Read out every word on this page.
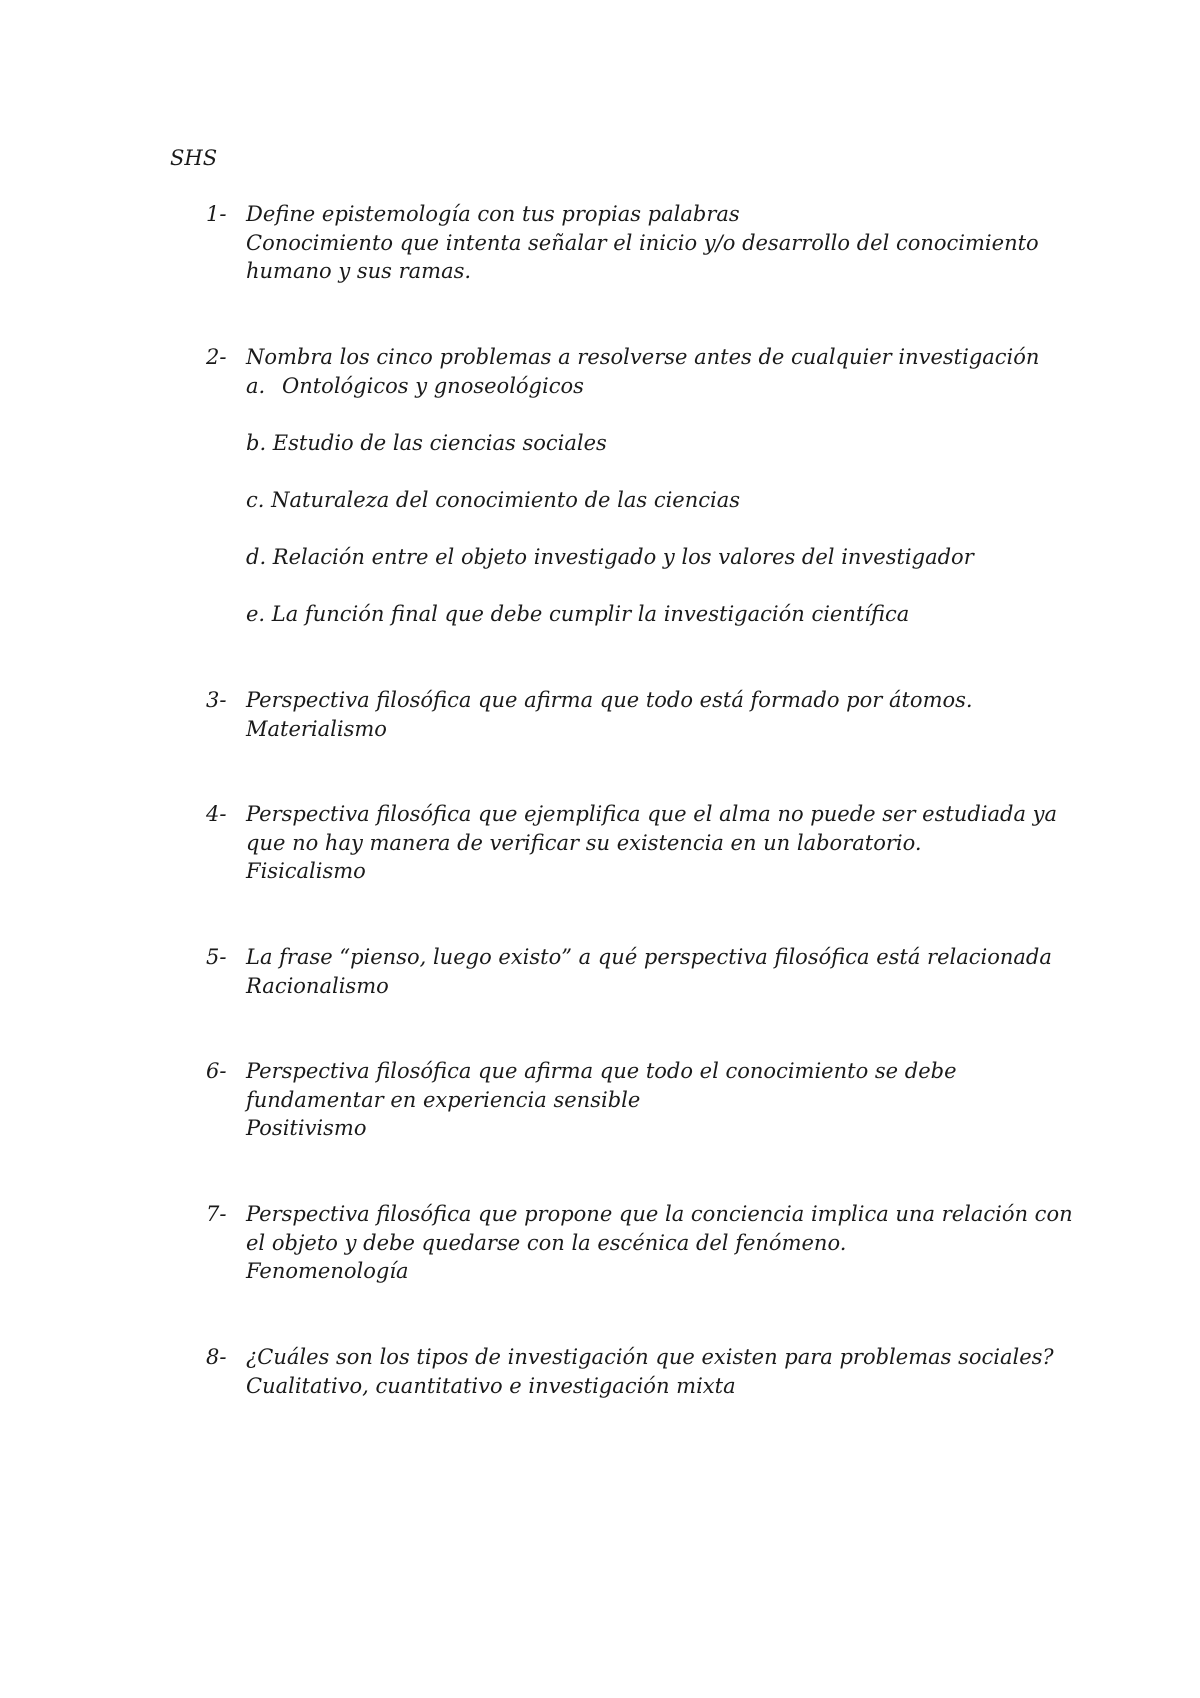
SHS
1- Define epistemología con tus propias palabras
Conocimiento que intenta señalar el inicio y/o desarrollo del conocimiento
humano y sus ramas.
2- Nombra los cinco problemas a resolverse antes de cualquier investigación
a. Ontológicos y gnoseológicos
b. Estudio de las ciencias sociales
c. Naturaleza del conocimiento de las ciencias
d. Relación entre el objeto investigado y los valores del investigador
e. La función final que debe cumplir la investigación científica
3- Perspectiva filosófica que afirma que todo está formado por átomos.
Materialismo
4- Perspectiva filosófica que ejemplifica que el alma no puede ser estudiada ya
que no hay manera de verificar su existencia en un laboratorio.
Fisicalismo
5- La frase “pienso, luego existo” a qué perspectiva filosófica está relacionada
Racionalismo
6- Perspectiva filosófica que afirma que todo el conocimiento se debe
fundamentar en experiencia sensible
Positivismo
7- Perspectiva filosófica que propone que la conciencia implica una relación con
el objeto y debe quedarse con la escénica del fenómeno.
Fenomenología
8- ¿Cuáles son los tipos de investigación que existen para problemas sociales?
Cualitativo, cuantitativo e investigación mixta
